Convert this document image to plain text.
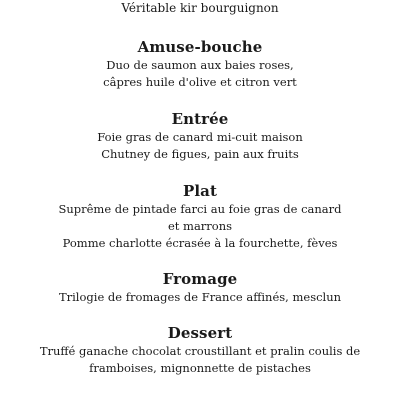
Véritable kir bourguignon
Amuse-bouche
Duo de saumon aux baies roses,
câpres huile d'olive et citron vert
Entrée
Foie gras de canard mi-cuit maison
Chutney de figues, pain aux fruits
Plat
Suprême de pintade farci au foie gras de canard
et marrons
Pomme charlotte écrasée à la fourchette, fèves
Fromage
Trilogie de fromages de France affinés, mesclun
Dessert
Truffé ganache chocolat croustillant et pralin coulis de
framboises, mignonnette de pistaches
